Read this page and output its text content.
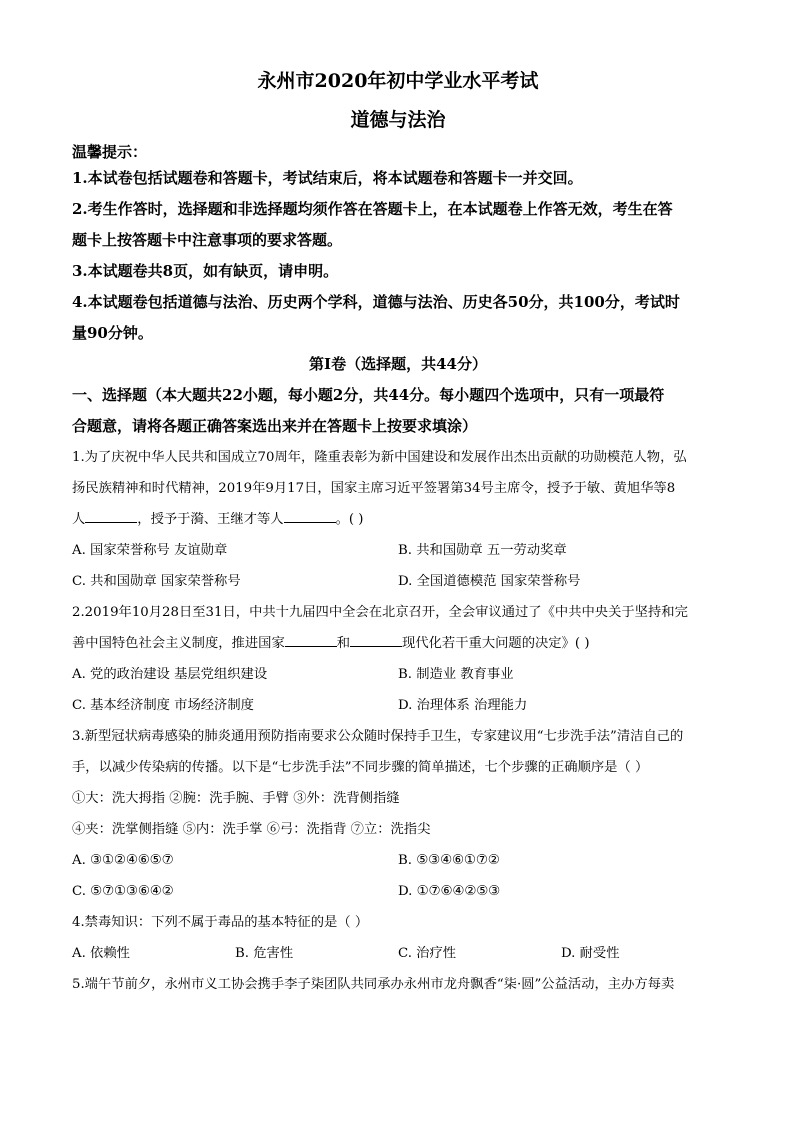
永州市2020年初中学业水平考试

道德与法治

温馨提示：

1.本试卷包括试题卷和答题卡，考试结束后，将本试题卷和答题卡一并交回。

2.考生作答时，选择题和非选择题均须作答在答题卡上，在本试题卷上作答无效，考生在答

题卡上按答题卡中注意事项的要求答题。

3.本试题卷共8页，如有缺页，请申明。

4.本试题卷包括道德与法治、历史两个学科，道德与法治、历史各50分，共100分，考试时

量90分钟。

第Ⅰ卷（选择题，共44分）

一、选择题（本大题共22小题，每小题2分，共44分。每小题四个选项中，只有一项最符

合题意，请将各题正确答案选出来并在答题卡上按要求填涂）

1.为了庆祝中华人民共和国成立70周年，隆重表彰为新中国建设和发展作出杰出贡献的功勋模范人物，弘

扬民族精神和时代精神，2019年9月17日，国家主席习近平签署第34号主席令，授予于敏、黄旭华等8

人	，授予于漪、王继才等人	。( )

A. 国家荣誉称号 友谊勋章	B. 共和国勋章 五一劳动奖章
C. 共和国勋章 国家荣誉称号	D. 全国道德模范 国家荣誉称号

2.2019年10月28日至31日，中共十九届四中全会在北京召开，全会审议通过了《中共中央关于坚持和完

善中国特色社会主义制度，推进国家	和	现代化若干重大问题的决定》( )

A. 党的政治建设 基层党组织建设	B. 制造业 教育事业
C. 基本经济制度 市场经济制度	D. 治理体系 治理能力

3.新型冠状病毒感染的肺炎通用预防指南要求公众随时保持手卫生，专家建议用“七步洗手法”清洁自己的

手，以减少传染病的传播。以下是“七步洗手法”不同步骤的简单描述，七个步骤的正确顺序是（ ）

①大：洗大拇指 ②腕：洗手腕、手臂 ③外：洗背侧指缝

④夹：洗掌侧指缝 ⑤内：洗手掌 ⑥弓：洗指背 ⑦立：洗指尖

A. ③①②④⑥⑤⑦	B. ⑤③④⑥①⑦②
C. ⑤⑦①③⑥④②	D. ①⑦⑥④②⑤③

4.禁毒知识：下列不属于毒品的基本特征的是（ ）

A. 依赖性	B. 危害性	C. 治疗性	D. 耐受性

5.端午节前夕，永州市义工协会携手李子柒团队共同承办永州市龙舟飘香“柒·圆”公益活动，主办方每卖
